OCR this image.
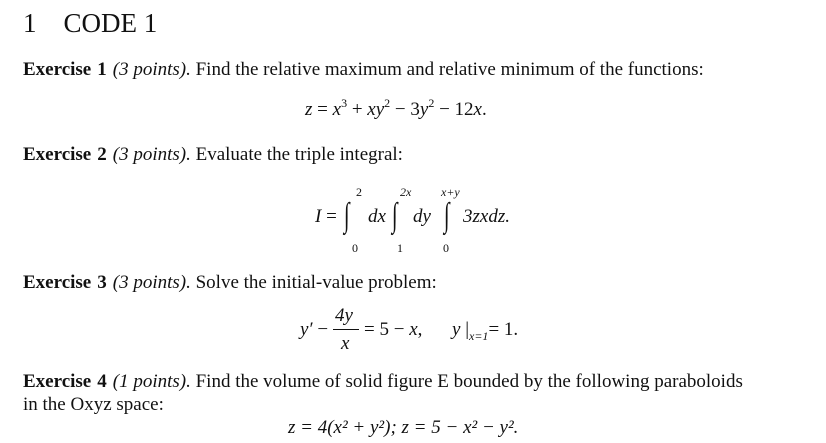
1 CODE 1
Exercise 1 (3 points). Find the relative maximum and relative minimum of the functions:
$z = x^3 + xy^2 - 3y^2 - 12x$.
Exercise 2 (3 points). Evaluate the triple integral:
I =
2
∫
0
dx
2x
∫
1
dy
x+y
∫
0
3zxdz.
Exercise 3 (3 points). Solve the initial-value problem:
y′ −
4y
x
= 5 − x, y $|_{x=1}= 1$.
Exercise 4 (1 points). Find the volume of solid figure E bounded by the following paraboloids
in the Oxyz space:
z = 4(x² + y²); z = 5 − x² − y².
